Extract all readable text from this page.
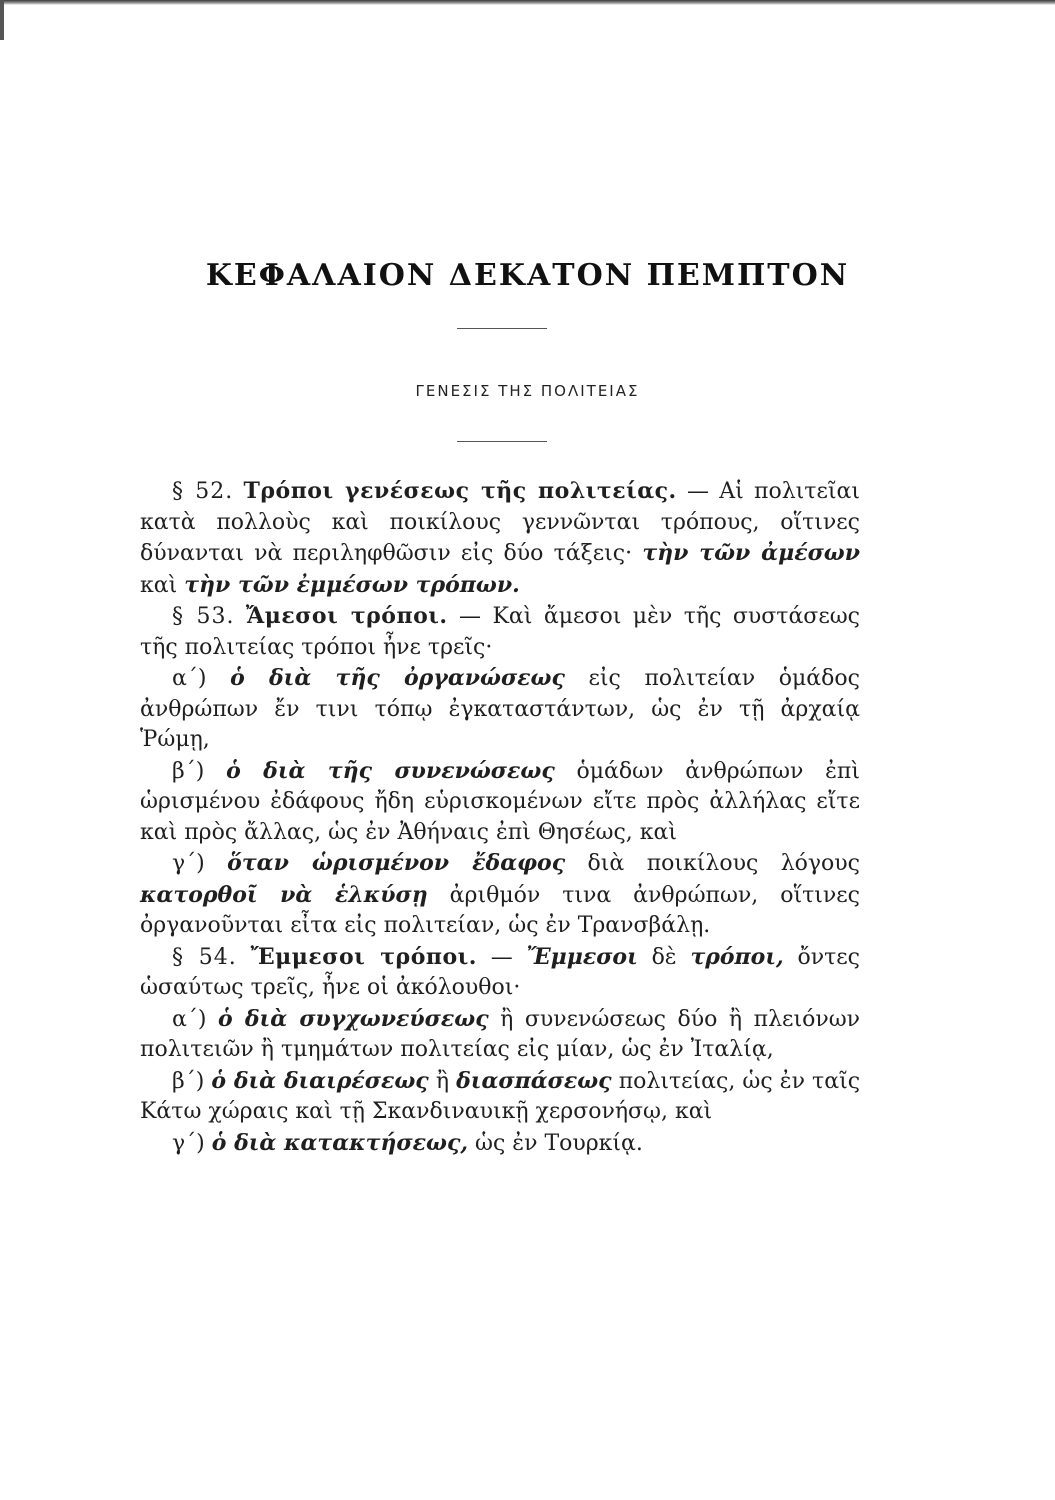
ΚΕΦΑΛΑΙΟΝ ΔΕΚΑΤΟΝ ΠΕΜΠΤΟΝ
ΓΕΝΕΣΙΣ ΤΗΣ ΠΟΛΙΤΕΙΑΣ

§ 52. Τρόποι γενέσεως τῆς πολιτείας. — Αἱ πολιτεῖαι κατὰ πολλοὺς καὶ ποικίλους γεννῶνται τρόπους, οἵτινες δύνανται νὰ περιληφθῶσιν εἰς δύο τάξεις· τὴν τῶν ἀμέσων καὶ τὴν τῶν ἐμμέσων τρόπων.

§ 53. Ἄμεσοι τρόποι. — Καὶ ἄμεσοι μὲν τῆς συστάσεως τῆς πολιτείας τρόποι ἦνε τρεῖς·

α΄) ὁ διὰ τῆς ὀργανώσεως εἰς πολιτείαν ὁμάδος ἀνθρώπων ἔν τινι τόπῳ ἐγκαταστάντων, ὡς ἐν τῇ ἀρχαίᾳ Ῥώμῃ,

β΄) ὁ διὰ τῆς συνενώσεως ὁμάδων ἀνθρώπων ἐπὶ ὡρισμένου ἐδάφους ἤδη εὑρισκομένων εἴτε πρὸς ἀλλήλας εἴτε καὶ πρὸς ἄλλας, ὡς ἐν Ἀθήναις ἐπὶ Θησέως, καὶ

γ΄) ὅταν ὡρισμένον ἔδαφος διὰ ποικίλους λόγους κατορθοῖ νὰ ἑλκύσῃ ἀριθμόν τινα ἀνθρώπων, οἵτινες ὀργανοῦνται εἶτα εἰς πολιτείαν, ὡς ἐν Τρανσβάλῃ.

§ 54. Ἔμμεσοι τρόποι. — Ἔμμεσοι δὲ τρόποι, ὄντες ὡσαύτως τρεῖς, ἦνε οἱ ἀκόλουθοι·

α΄) ὁ διὰ συγχωνεύσεως ἢ συνενώσεως δύο ἢ πλειόνων πολιτειῶν ἢ τμημάτων πολιτείας εἰς μίαν, ὡς ἐν Ἰταλίᾳ,

β΄) ὁ διὰ διαιρέσεως ἢ διασπάσεως πολιτείας, ὡς ἐν ταῖς Κάτω χώραις καὶ τῇ Σκανδιναυικῇ χερσονήσῳ, καὶ

γ΄) ὁ διὰ κατακτήσεως, ὡς ἐν Τουρκίᾳ.
